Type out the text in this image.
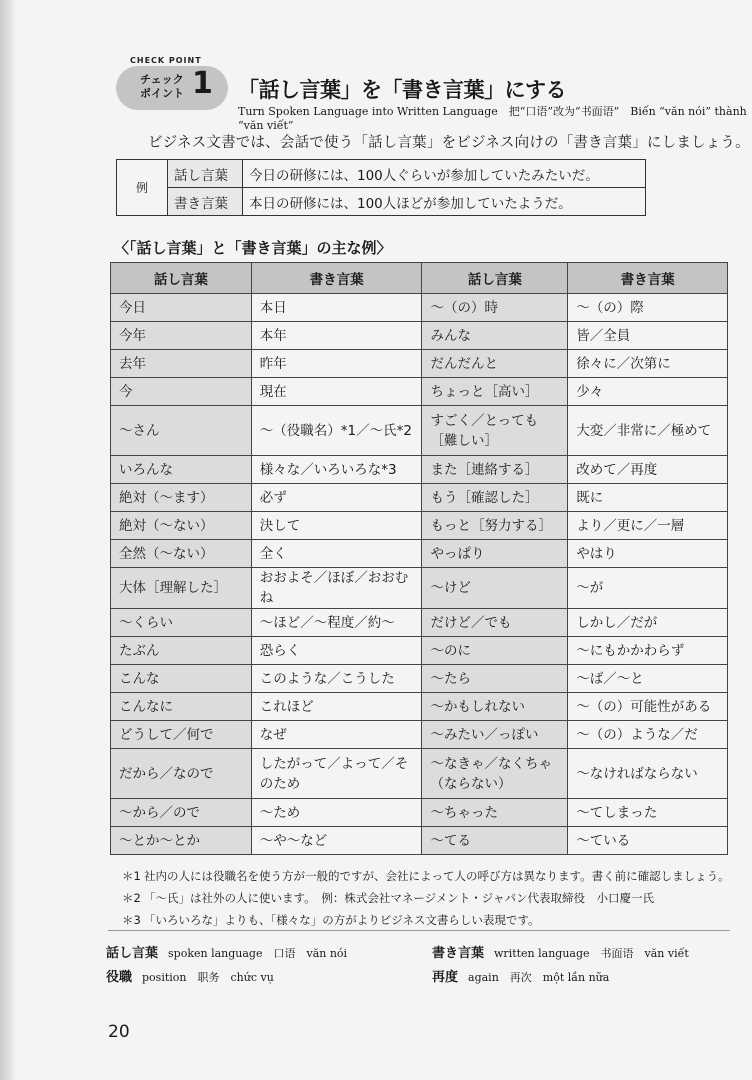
CHECK POINT
チェック
ポイント 1 「話し言葉」を「書き言葉」にする
Turn Spoken Language into Written Language　把“口语”改为“书面语”　Biến “văn nói” thành “văn viết”
ビジネス文書では、会話で使う「話し言葉」をビジネス向けの「書き言葉」にしましょう。
例	話し言葉	今日の研修には、100人ぐらいが参加していたみたいだ。
	書き言葉	本日の研修には、100人ほどが参加していたようだ。
〈「話し言葉」と「書き言葉」の主な例〉
話し言葉	書き言葉	話し言葉	書き言葉
今日	本日	〜（の）時	〜（の）際
今年	本年	みんな	皆／全員
去年	昨年	だんだんと	徐々に／次第に
今	現在	ちょっと［高い］	少々
〜さん	〜（役職名）*1／〜氏*2	すごく／とっても［難しい］	大変／非常に／極めて
いろんな	様々な／いろいろな*3	また［連絡する］	改めて／再度
絶対（〜ます）	必ず	もう［確認した］	既に
絶対（〜ない）	決して	もっと［努力する］	より／更に／一層
全然（〜ない）	全く	やっぱり	やはり
大体［理解した］	おおよそ／ほぼ／おおむね	〜けど	〜が
〜くらい	〜ほど／〜程度／約〜	だけど／でも	しかし／だが
たぶん	恐らく	〜のに	〜にもかかわらず
こんな	このような／こうした	〜たら	〜ば／〜と
こんなに	これほど	〜かもしれない	〜（の）可能性がある
どうして／何で	なぜ	〜みたい／っぽい	〜（の）ような／だ
だから／なので	したがって／よって／そのため	〜なきゃ／なくちゃ（ならない）	〜なければならない
〜から／ので	〜ため	〜ちゃった	〜てしまった
〜とか〜とか	〜や〜など	〜てる	〜ている
＊1 社内の人には役職名を使う方が一般的ですが、会社によって人の呼び方は異なります。書く前に確認しましょう。
＊2 「〜氏」は社外の人に使います。　例：株式会社マネージメント・ジャパン代表取締役　小口慶一氏
＊3 「いろいろな」よりも、「様々な」の方がよりビジネス文書らしい表現です。
話し言葉 spoken language　口语　văn nói	書き言葉 written language　书面语　văn viết
役職 position　职务　chức vụ	再度 again　再次　một lần nữa
20
